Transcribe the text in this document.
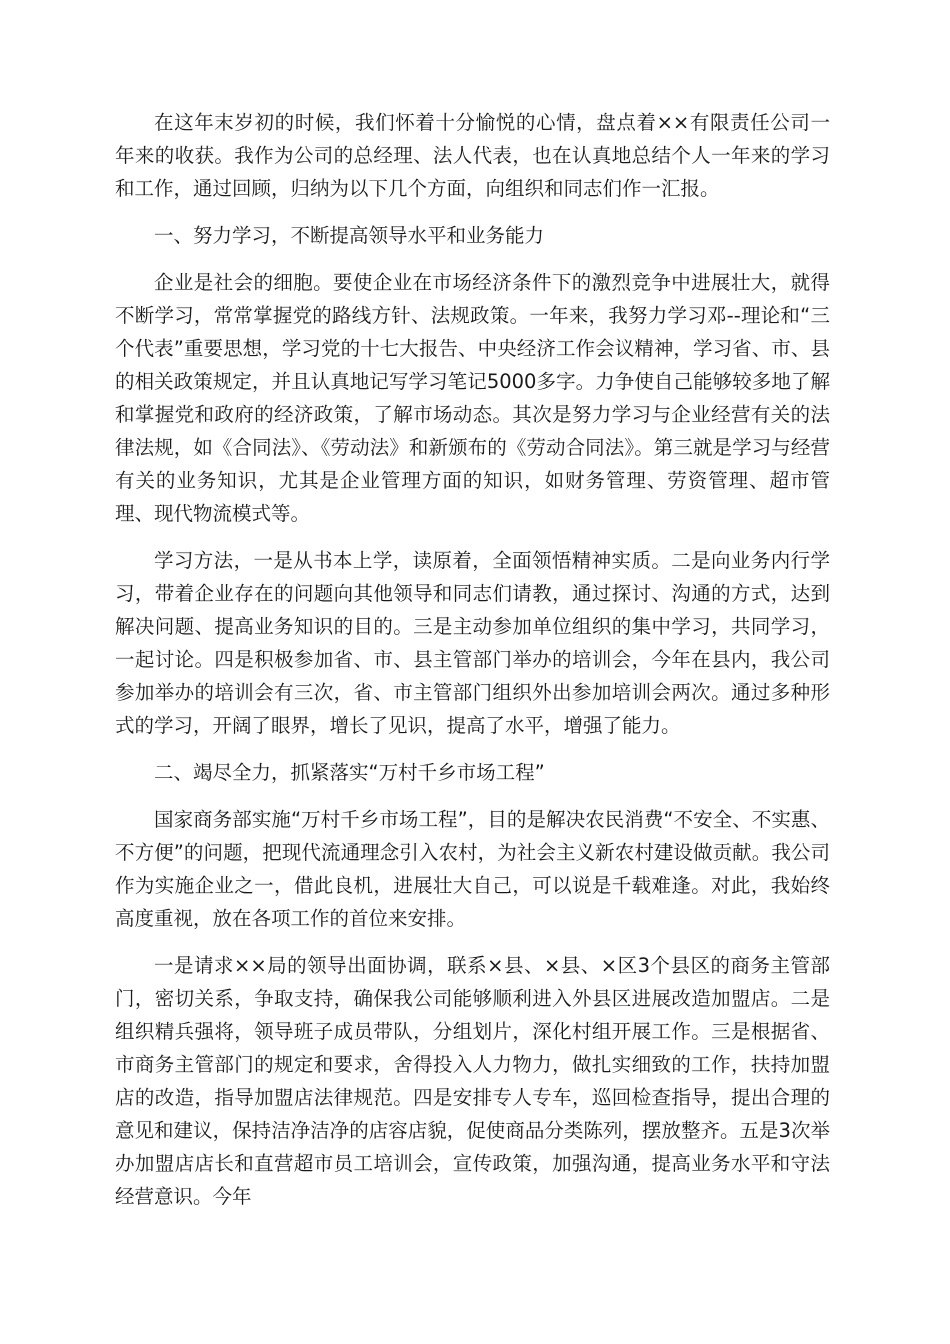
在这年末岁初的时候，我们怀着十分愉悦的心情，盘点着××有限责任公司一年来的收获。我作为公司的总经理、法人代表，也在认真地总结个人一年来的学习和工作，通过回顾，归纳为以下几个方面，向组织和同志们作一汇报。

一、努力学习，不断提高领导水平和业务能力

企业是社会的细胞。要使企业在市场经济条件下的激烈竞争中进展壮大，就得不断学习，常常掌握党的路线方针、法规政策。一年来，我努力学习邓--理论和“三个代表”重要思想，学习党的十七大报告、中央经济工作会议精神，学习省、市、县的相关政策规定，并且认真地记写学习笔记5000多字。力争使自己能够较多地了解和掌握党和政府的经济政策，了解市场动态。其次是努力学习与企业经营有关的法律法规，如《合同法》、《劳动法》和新颁布的《劳动合同法》。第三就是学习与经营有关的业务知识，尤其是企业管理方面的知识，如财务管理、劳资管理、超市管理、现代物流模式等。

学习方法，一是从书本上学，读原着，全面领悟精神实质。二是向业务内行学习，带着企业存在的问题向其他领导和同志们请教，通过探讨、沟通的方式，达到解决问题、提高业务知识的目的。三是主动参加单位组织的集中学习，共同学习，一起讨论。四是积极参加省、市、县主管部门举办的培训会，今年在县内，我公司参加举办的培训会有三次，省、市主管部门组织外出参加培训会两次。通过多种形式的学习，开阔了眼界，增长了见识，提高了水平，增强了能力。

二、竭尽全力，抓紧落实“万村千乡市场工程”

国家商务部实施“万村千乡市场工程”，目的是解决农民消费“不安全、不实惠、不方便”的问题，把现代流通理念引入农村，为社会主义新农村建设做贡献。我公司作为实施企业之一，借此良机，进展壮大自己，可以说是千载难逢。对此，我始终高度重视，放在各项工作的首位来安排。

一是请求××局的领导出面协调，联系×县、×县、×区3个县区的商务主管部门，密切关系，争取支持，确保我公司能够顺利进入外县区进展改造加盟店。二是组织精兵强将，领导班子成员带队，分组划片，深化村组开展工作。三是根据省、市商务主管部门的规定和要求，舍得投入人力物力，做扎实细致的工作，扶持加盟店的改造，指导加盟店法律规范。四是安排专人专车，巡回检查指导，提出合理的意见和建议，保持洁净洁净的店容店貌，促使商品分类陈列，摆放整齐。五是3次举办加盟店店长和直营超市员工培训会，宣传政策，加强沟通，提高业务水平和守法经营意识。今年
